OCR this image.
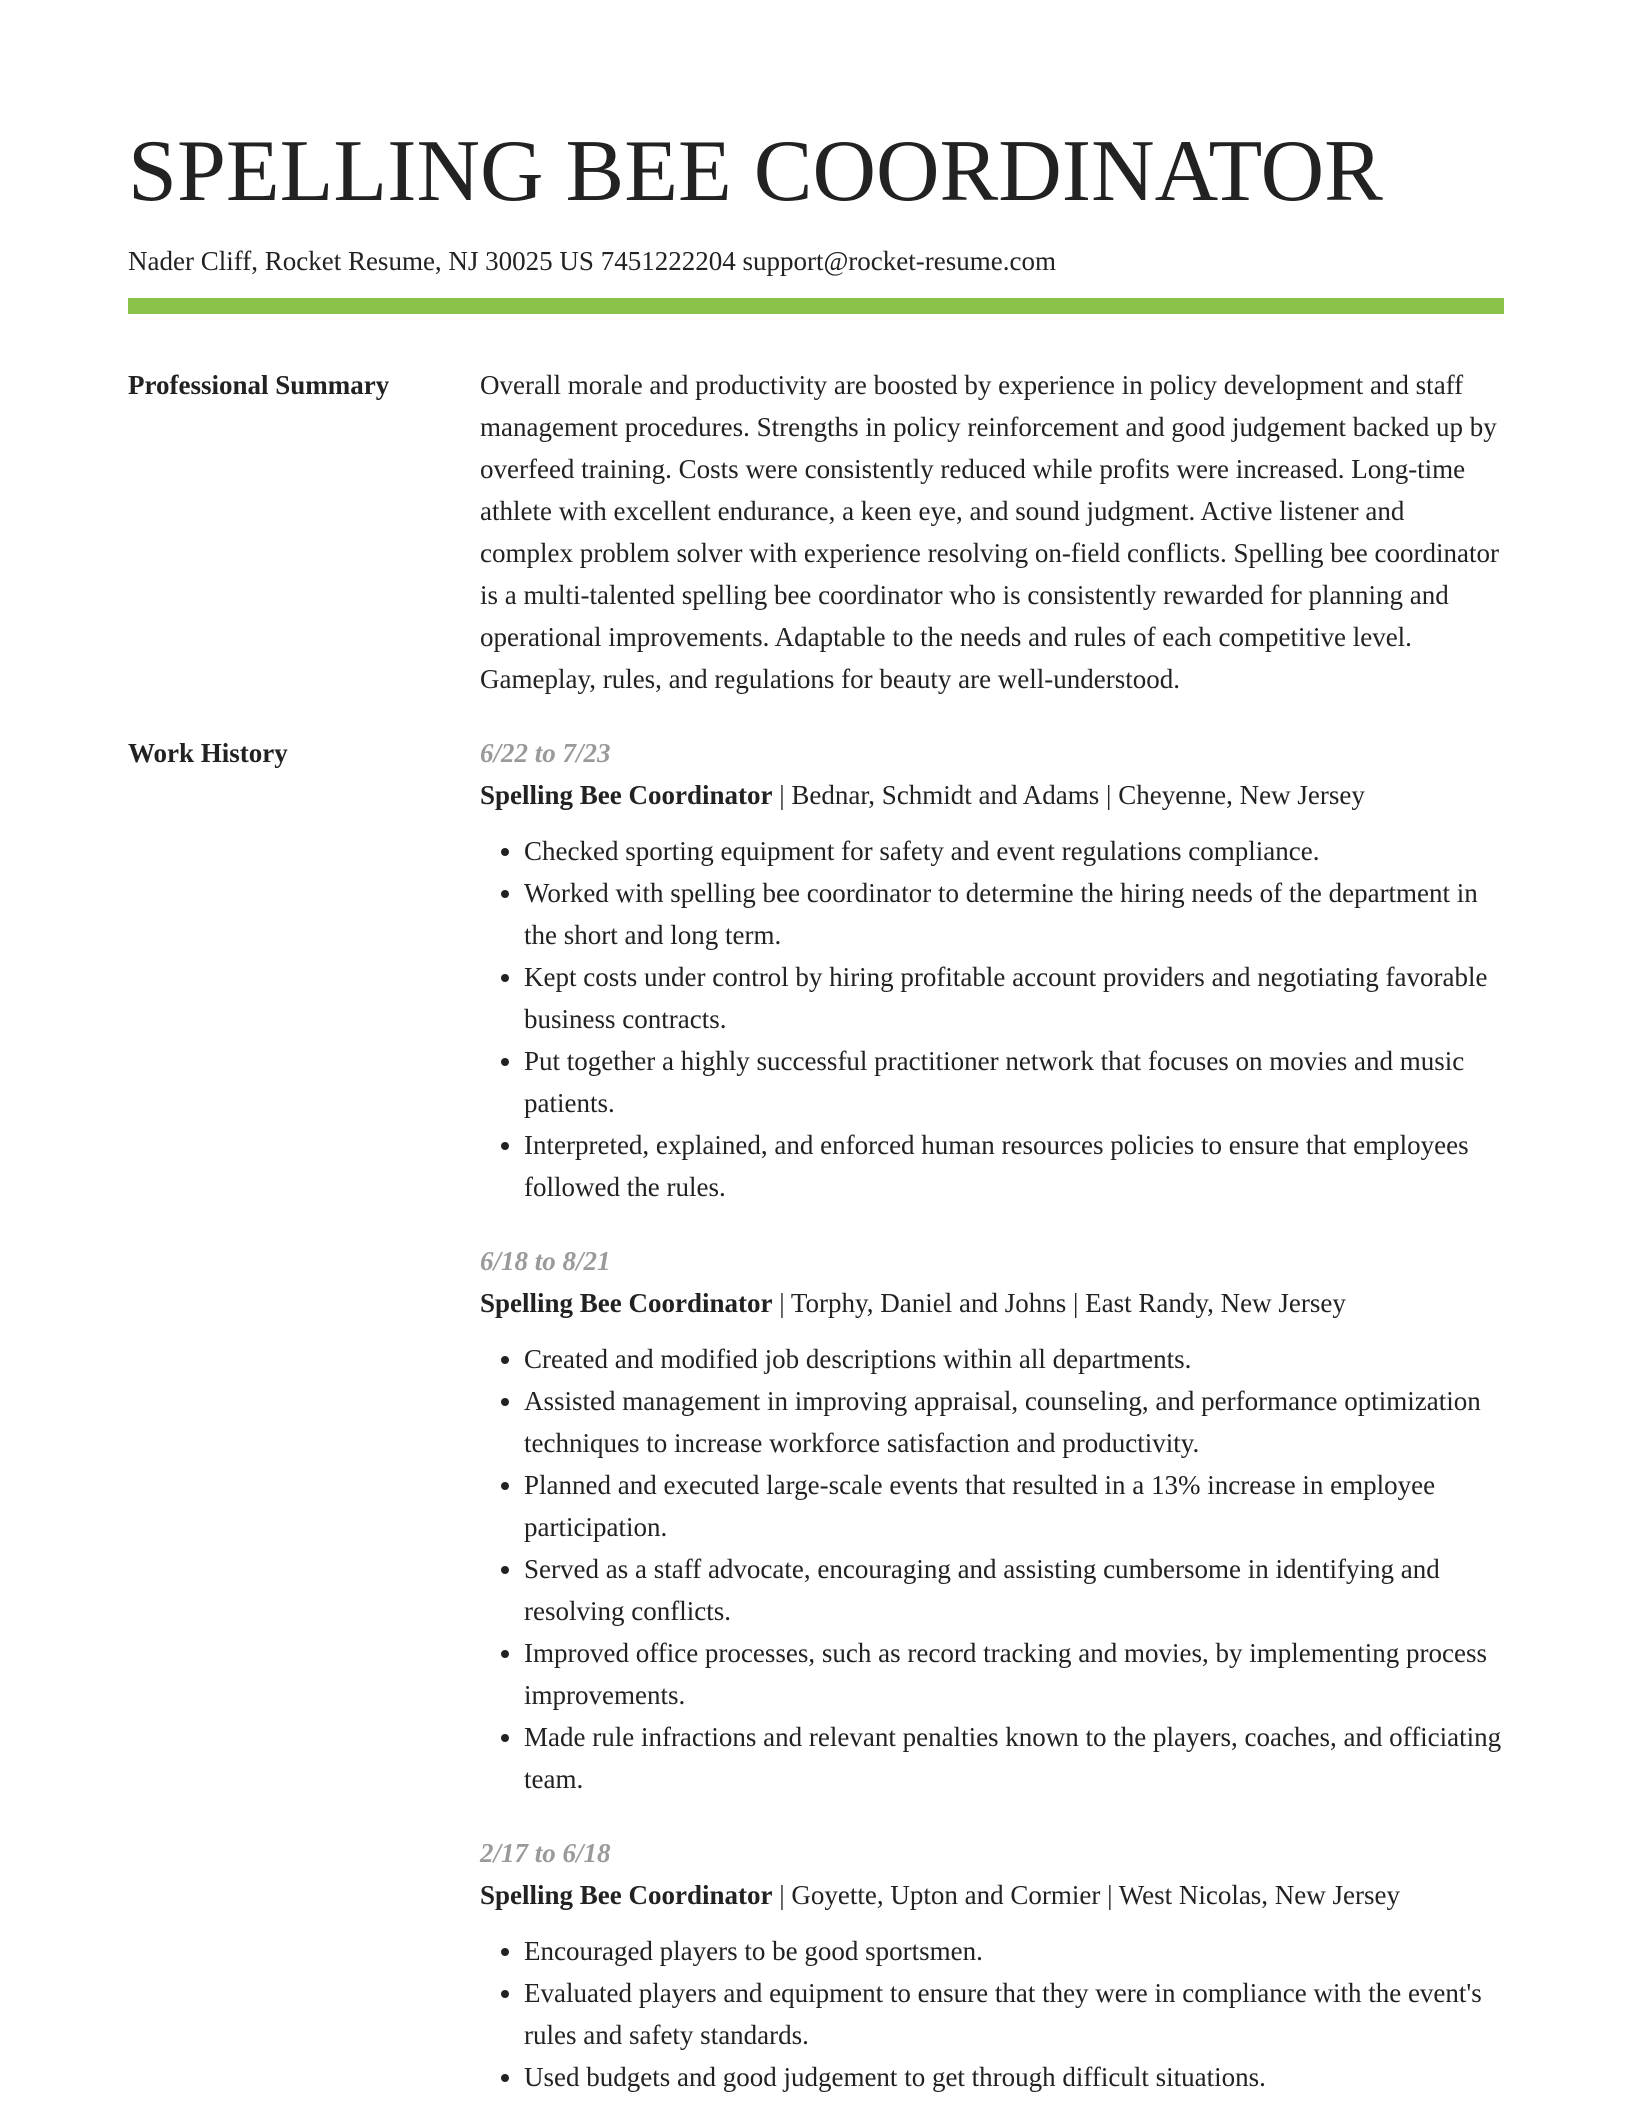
SPELLING BEE COORDINATOR
Nader Cliff, Rocket Resume, NJ 30025 US 7451222204 support@rocket-resume.com
Professional Summary	Overall morale and productivity are boosted by experience in policy development and staff management procedures. Strengths in policy reinforcement and good judgement backed up by overfeed training. Costs were consistently reduced while profits were increased. Long-time athlete with excellent endurance, a keen eye, and sound judgment. Active listener and complex problem solver with experience resolving on-field conflicts. Spelling bee coordinator is a multi-talented spelling bee coordinator who is consistently rewarded for planning and operational improvements. Adaptable to the needs and rules of each competitive level. Gameplay, rules, and regulations for beauty are well-understood.

Work History	6/22 to 7/23
Spelling Bee Coordinator | Bednar, Schmidt and Adams | Cheyenne, New Jersey
• Checked sporting equipment for safety and event regulations compliance.
• Worked with spelling bee coordinator to determine the hiring needs of the department in the short and long term.
• Kept costs under control by hiring profitable account providers and negotiating favorable business contracts.
• Put together a highly successful practitioner network that focuses on movies and music patients.
• Interpreted, explained, and enforced human resources policies to ensure that employees followed the rules.
6/18 to 8/21
Spelling Bee Coordinator | Torphy, Daniel and Johns | East Randy, New Jersey
• Created and modified job descriptions within all departments.
• Assisted management in improving appraisal, counseling, and performance optimization techniques to increase workforce satisfaction and productivity.
• Planned and executed large-scale events that resulted in a 13% increase in employee participation.
• Served as a staff advocate, encouraging and assisting cumbersome in identifying and resolving conflicts.
• Improved office processes, such as record tracking and movies, by implementing process improvements.
• Made rule infractions and relevant penalties known to the players, coaches, and officiating team.
2/17 to 6/18
Spelling Bee Coordinator | Goyette, Upton and Cormier | West Nicolas, New Jersey
• Encouraged players to be good sportsmen.
• Evaluated players and equipment to ensure that they were in compliance with the event's rules and safety standards.
• Used budgets and good judgement to get through difficult situations.
